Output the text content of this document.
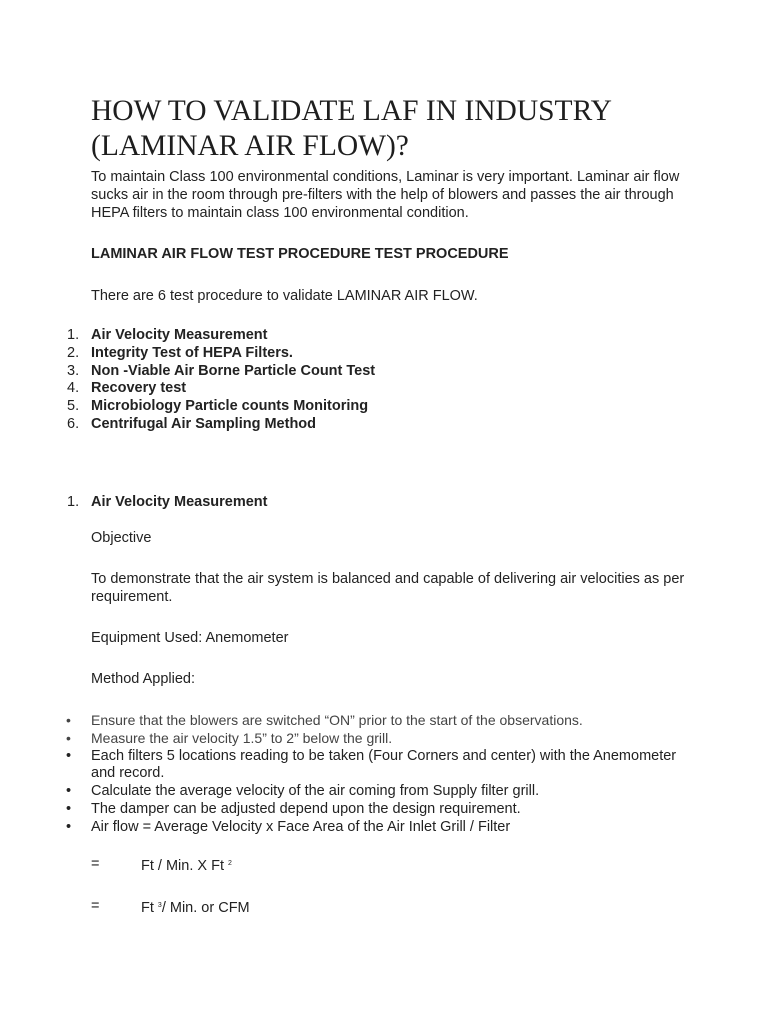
HOW TO VALIDATE LAF IN INDUSTRY (LAMINAR AIR FLOW)?

To maintain Class 100 environmental conditions, Laminar is very important. Laminar air flow sucks air in the room through pre-filters with the help of blowers and passes the air through HEPA filters to maintain class 100 environmental condition.

LAMINAR AIR FLOW TEST PROCEDURE TEST PROCEDURE

There are 6 test procedure to validate LAMINAR AIR FLOW.

1. Air Velocity Measurement
2. Integrity Test of HEPA Filters.
3. Non -Viable Air Borne Particle Count Test
4. Recovery test
5. Microbiology Particle counts Monitoring
6. Centrifugal Air Sampling Method
1. Air Velocity Measurement

Objective

To demonstrate that the air system is balanced and capable of delivering air velocities as per requirement.

Equipment Used: Anemometer

Method Applied:

• Ensure that the blowers are switched “ON” prior to the start of the observations.
• Measure the air velocity 1.5” to 2” below the grill.
• Each filters 5 locations reading to be taken (Four Corners and center) with the Anemometer and record.
• Calculate the average velocity of the air coming from Supply filter grill.
• The damper can be adjusted depend upon the design requirement.
• Air flow = Average Velocity x Face Area of the Air Inlet Grill / Filter
=	Ft / Min. X Ft $^2$
=	Ft $^3$/ Min. or CFM
